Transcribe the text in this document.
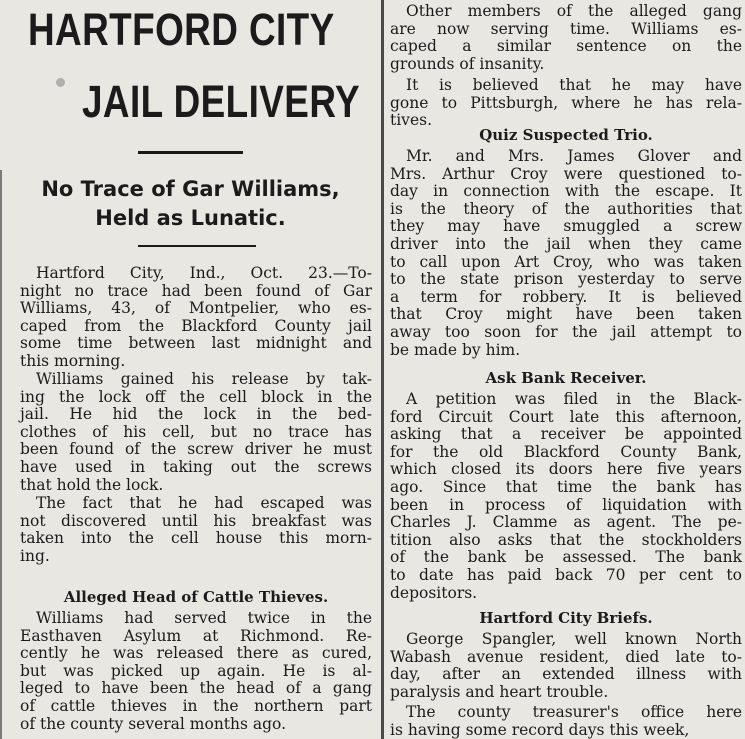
HARTFORD CITY
JAIL DELIVERY
No Trace of Gar Williams,
Held as Lunatic.
Hartford City, Ind., Oct. 23.—To-
night no trace had been found of Gar
Williams, 43, of Montpelier, who es-
caped from the Blackford County jail
some time between last midnight and
this morning.
Williams gained his release by tak-
ing the lock off the cell block in the
jail. He hid the lock in the bed-
clothes of his cell, but no trace has
been found of the screw driver he must
have used in taking out the screws
that hold the lock.
The fact that he had escaped was
not discovered until his breakfast was
taken into the cell house this morn-
ing.
Alleged Head of Cattle Thieves.
Williams had served twice in the
Easthaven Asylum at Richmond. Re-
cently he was released there as cured,
but was picked up again. He is al-
leged to have been the head of a gang
of cattle thieves in the northern part
of the county several months ago.
Other members of the alleged gang
are now serving time. Williams es-
caped a similar sentence on the
grounds of insanity.
It is believed that he may have
gone to Pittsburgh, where he has rela-
tives.
Quiz Suspected Trio.
Mr. and Mrs. James Glover and
Mrs. Arthur Croy were questioned to-
day in connection with the escape. It
is the theory of the authorities that
they may have smuggled a screw
driver into the jail when they came
to call upon Art Croy, who was taken
to the state prison yesterday to serve
a term for robbery. It is believed
that Croy might have been taken
away too soon for the jail attempt to
be made by him.
Ask Bank Receiver.
A petition was filed in the Black-
ford Circuit Court late this afternoon,
asking that a receiver be appointed
for the old Blackford County Bank,
which closed its doors here five years
ago. Since that time the bank has
been in process of liquidation with
Charles J. Clamme as agent. The pe-
tition also asks that the stockholders
of the bank be assessed. The bank
to date has paid back 70 per cent to
depositors.
Hartford City Briefs.
George Spangler, well known North
Wabash avenue resident, died late to-
day, after an extended illness with
paralysis and heart trouble.
The county treasurer's office here
is having some record days this week,
